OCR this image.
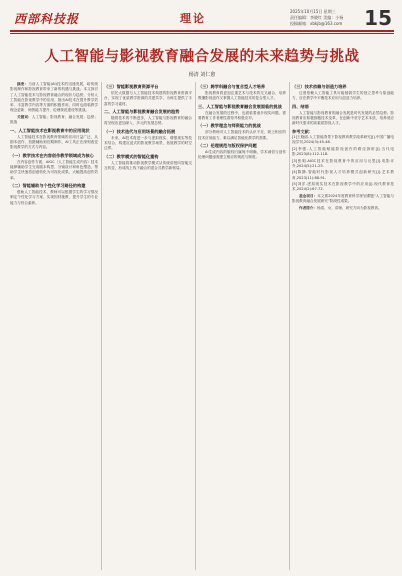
西部科技报	理论
2025年10月15日 星期三
责任编辑：李晓红 美编：小杨
投稿邮箱：xbkjb@163.com	15
人工智能与影视教育融合发展的未来趋势与挑战
杨清 刘仁愈

摘要：当前人工智能(AI)技术的迅速发展，给传统影视制作和影视教育带来了新的机遇与挑战。本文探讨了人工智能技术与影视教育融合的现状与趋势，分析人工智能在影视教学中的应用，指出AI技术在提升教学效率、丰富教学内容等方面的积极作用，同时也面临教学理念更新、师资能力提升、伦理规范建设等挑战。

关键词：人工智能；影视教育；融合发展；趋势；挑战

一、人工智能技术在影视教育中的应用现状

人工智能技术在影视教育领域的应用日益广泛，从剧本创作、拍摄辅助到后期制作，AI工具正在深刻改变影视教学的方式与内容。

（一）教学技术在内容创作教学领域成为核心

在内容创作方面，AIGC（人工智能生成内容）技术能够辅助学生完成剧本构思、分镜设计和角色塑造，帮助学生快速将创意转化为可视化成果，大幅提高创作效率。

（二）智能辅助与个性化学习路径的构建

借助人工智能技术，教师可以根据学生的学习情况制定个性化学习方案，实现因材施教，提升学生的专业能力与综合素养。

（三）智能影视教育资源平台

依托大数据与人工智能技术构建的影视教育资源平台，实现了优质教学资源的共建共享，为师生提供了丰富的学习素材。

二、人工智能与影视教育融合发展的趋势

随着技术的不断进步，人工智能与影视教育的融合将呈现出更加深入、多元的发展态势。

（一）技术迭代与应用场景的融合拓展

未来，AI技术将进一步与虚拟现实、增强现实等技术结合，构建沉浸式的影视教学场景，拓展教学的时空边界。

（二）教学模式的智能化重构

人工智能将推动影视教学模式从传统讲授向智能交互转变，形成线上线下融合的混合式教学新格局。

（三）跨学科融合与复合型人才培养

影视教育将更加注重艺术与技术的交叉融合，培养既懂影视创作又掌握人工智能技术的复合型人才。

三、人工智能与影视教育融合发展面临的挑战

在融合发展的过程中，也面临着诸多现实问题，需要教育工作者理性看待并积极应对。

（一）教学理念与师资能力的挑战

部分教师对人工智能技术的认识不足，缺乏相应的技术应用能力，难以满足智能化教学的需要。

（二）伦理规范与版权保护问题

AI生成内容的版权归属尚不明确，学术诚信与创作伦理问题亟需建立相应的规范与制度。

（三）技术依赖与创造力培养

过度依赖人工智能工具可能削弱学生的独立思考与原创能力，应在教学中平衡技术应用与创造力培养。

四、结语

人工智能与影视教育的融合发展是时代发展的必然趋势。影视教育应积极拥抱技术变革，在创新中坚守艺术本质，培养适应新时代需求的高素质影视人才。

参考文献：

[1]王晓丽.人工智能背景下影视教育教学改革研究[J].中国广播电视学刊,2024(3):45-48.

[2]李强.人工智能赋能影视创作的路径探析[J].当代电影,2023(8):112-118.

[3]张明.AIGC技术在影视教育中的应用与反思[J].电影评介,2024(5):21-25.

[4]陈静.智能时代影视人才培养模式创新研究[J].艺术教育,2023(11):88-91.

[5]刘洋.虚拟现实技术在影视教学中的应用[J].现代教育技术,2024(2):67-72.

基金项目：本文系2024年度教育科学规划课题“人工智能与影视教育融合发展研究”阶段性成果。

作者简介：杨清，女，讲师，研究方向为影视教育。
